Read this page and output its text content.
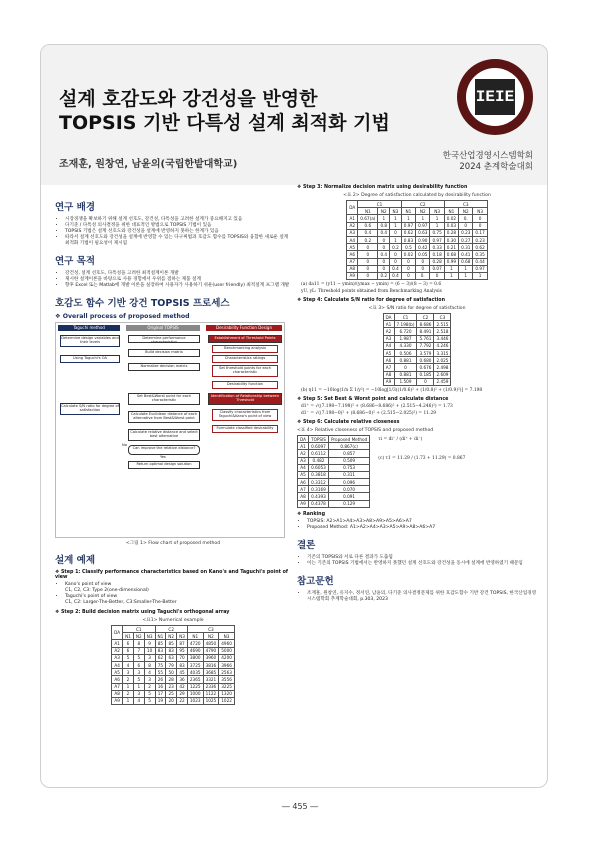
설계 호감도와 강건성을 반영한
TOPSIS 기반 다특성 설계 최적화 기법
IEIE
조재훈, 원창연, 남윤의(국립한밭대학교)
한국산업경영시스템학회
2024 춘계학술대회
연구 배경
• 시장경쟁을 확보하기 위해 설계 선호도, 강건성, 다특성을 고려한 설계가 중요해지고 있음
• 다기준 / 다특성 의사결정을 위한 대표적인 방법으로 TOPSIS 기법이 있음
• TOPSIS 기법은 설계 선호도와 강건성을 설계에 반영하지 못하는 한계가 있음
• 따라서 설계 선호도와 강건성을 설계에 반영할 수 있는 다구찌법과 호감도 함수를 TOPSIS와 융합한 새로운 설계 최적화 기법이 필요성이 제시됨
연구 목적
• 강건성, 설계 선호도, 다특성을 고려한 최적설계이론 개발
• 제시한 설계이론을 바탕으로 사용 경험에서 우위를 점하는 제품 설계
• 향후 Excel 또는 Matlab에 개발 이론을 실장하여 사용자가 사용하기 쉬운(user friendly) 최적설계 프그램 개발
호감도 함수 기반 강건 TOPSIS 프로세스
❖ Overall process of proposed method
Taguchi method	Original TOPSIS	Desirability Function Design
Determine design variables and their levels
Using Taguchi's OA
Calculate S/N ratio for degree of satisfaction
Determine performance characteristics
Build decision matrix
Normalize decision matrix
Set Best&Worst point for each characteristic
Calculate Euclidean distance of each alternative from Best&Worst point
Calculate relative distance and select best alternative
Can improve the relative distance?
Return optimal design solution
Yes
No
Establishment of Threshold Points
Benchmarking analysis
Characteristics ratings
Set threshold points for each characteristic
Desirability function
Identification of Relationship between Threshold
Classify characteristics from Taguchi&Kano's point of view
Formulate classified desirability
<그림 1> Flow chart of proposed method
설계 예제
❖ Step 1: Classify performance characteristics based on Kano's and Taguchi's point of view
• Kano's point of view
C1, C2, C3: Type 2(one-dimensional)
• Taguchi's point of view
C1, C2: Larger-The-Better, C3:Smaller-The-Better
❖ Step 2: Build decision matrix using Taguchi's orthogonal array
<표1> Numerical example
DA	C1			C2			C3		
	N1	N2	N3	N1	N2	N3	N1	N2	N3
A1	6	8	9	85	85	87	4720	4850	4960
A2	6	7	10	83	83	95	4690	4790	5000
A3	5	5	3	62	63	70	3800	3960	4200
A4	4	6	8	75	79	83	3725	3816	3966
A5	3	3	4	55	50	45	4035	3685	2563
A6	2	5	3	26	28	36	2365	3321	3556
A7	1	1	2	16	23	42	1225	2336	3225
A8	2	3	5	17	25	29	1000	1122	1320
A9	1	4	5	19	20	22	1023	1025	1022
❖ Step 3: Normalize decision matrix using desirability function
<표 2> Degree of satisfaction calculated by desirability function
DA	C1			C2			C3		
	N1	N2	N3	N1	N2	N3	N1	N2	N3
A1	0.67(a)	1	1	1	1	1	0.02	0.	0
A2	0.6	0.8	1	0.97	0.97	1	0.03	0	0
A3	0.4	0.4	0	0.62	0.63	0.75	0.28	0.23	0.17
A4	0.2	0	1	0.83	0.90	0.97	0.30	0.27	0.23
A5	0	0	0.2	0.5	0.42	0.33	0.21	0.31	0.62
A6	0	0.4	0	0.02	0.05	0.18	0.68	0.41	0.35
A7	0	0	0	0	0	0.28	0.99	0.68	0.44
A8	0	0	0.4	0	0	0.07	1	1	0.97
A9	0	0.2	0.4	0	0.	0	1	1	1
(a) da11 = (y11 − ymin)/(ymax − ymin) = (6 − 3)/(8 − 3) = 0.6
yU, yL: Threshold points obtained from Benchmarking Analysis
❖ Step 4: Calculate S/N ratio for degree of satisfaction
<표 3> S/N ratio for degree of satisfaction
DA	C1	C2	C3
A1	7.198(b)	8.686	2.515
A2	6.720	8.491	2.518
A3	1.987	5.761	3.446
A4	4.330	7.792	4.246
A5	0.506	3.579	3.315
A6	0.881	0.680	2.025
A7	0	0.676	2.498
A8	0.881	0.185	2.609
A9	1.509	0	2.459
(b) η11 = −10log(1/n Σ 1/y²) = −10log[1/3((1/0.6)² + (1/0.8)² + (1/0.9)²)] = 7.198
❖ Step 5: Set Best & Worst point and calculate distance
d1⁺ = √((7.198−7.198)² + (8.686−8.686)² + (2.515−4.246)²) = 1.73
d1⁻ = √((7.198−0)² + (8.686−0)² + (2.515−2.025)²) = 11.29
❖ Step 6: Calculate relative closeness
<표 4> Relative closeness of TOPSIS and proposed method
DA	TOPSIS	Proposed Method
A1	0.6097	0.867(c)
A2	0.6112	0.857
A3	0.482	0.509
A4	0.6053	0.753
A5	0.3818	0.311
A6	0.3312	0.096
A7	0.3169	0.070
A8	0.4393	0.091
A9	0.4378	0.129
τi = di⁻ / (di⁺ + di⁻)
(c) τ1 = 11.29 / (1.73 + 11.29) = 0.867
❖ Ranking
• TOPSIS: A2>A1>A4>A3>A8>A9>A5>A6>A7
• Proposed Method: A1>A2>A4>A3>A5>A9>A8>A6>A7
결론
• 기존의 TOPSIS와 서로 다른 결과가 도출됨
• 이는 기존의 TOPSIS 기법에서는 반영하지 못했던 설계 선호도와 강건성을 동시에 설계에 반영하였기 때문임
참고문헌
• 조재훈, 원창연, 유지수, 정서연, 남윤의, 다기준 의사결정문제를 위한 호감도함수 기반 강건 TOPSIS, 한국산업경영시스템학회 추계학술대회, p.303, 2023
― 455 ―
